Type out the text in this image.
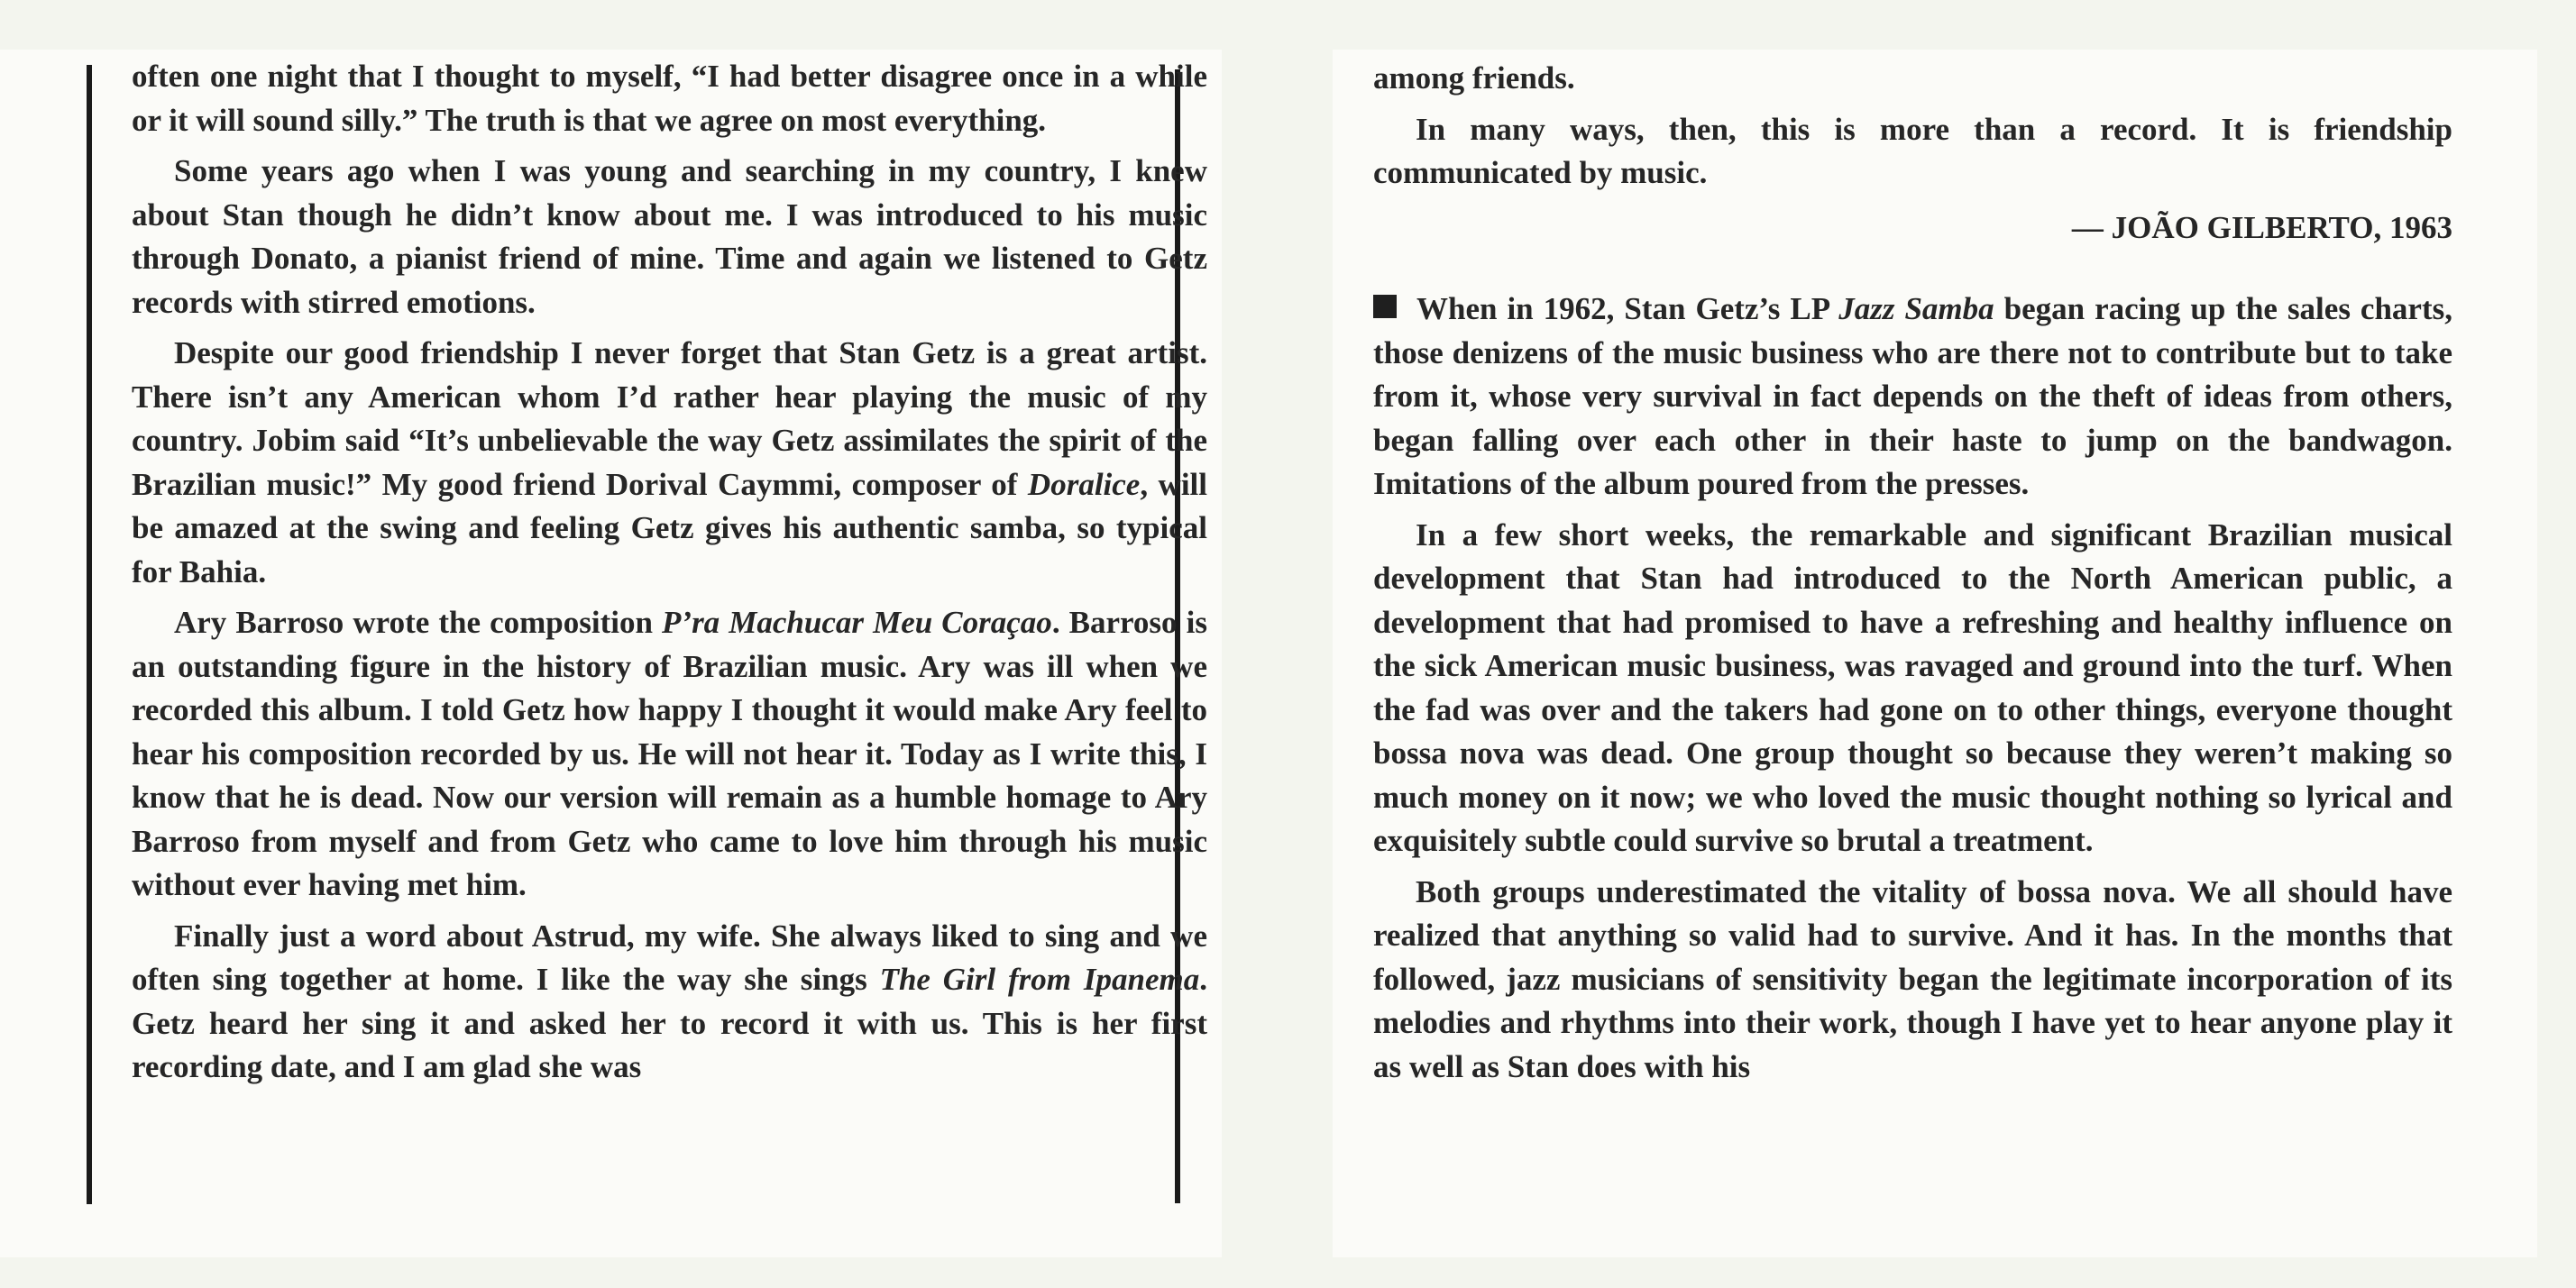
often one night that I thought to myself, “I had better disagree once in a while or it will sound silly.” The truth is that we agree on most everything.

Some years ago when I was young and searching in my country, I knew about Stan though he didn’t know about me. I was introduced to his music through Donato, a pianist friend of mine. Time and again we listened to Getz records with stirred emotions.

Despite our good friendship I never forget that Stan Getz is a great artist. There isn’t any American whom I’d rather hear playing the music of my country. Jobim said “It’s unbelievable the way Getz assimilates the spirit of the Brazilian music!” My good friend Dorival Caymmi, composer of Doralice, will be amazed at the swing and feeling Getz gives his authentic samba, so typical for Bahia.

Ary Barroso wrote the composition P’ra Machucar Meu Coraçao. Barroso is an outstanding figure in the history of Brazilian music. Ary was ill when we recorded this album. I told Getz how happy I thought it would make Ary feel to hear his composition recorded by us. He will not hear it. Today as I write this, I know that he is dead. Now our version will remain as a humble homage to Ary Barroso from myself and from Getz who came to love him through his music without ever having met him.

Finally just a word about Astrud, my wife. She always liked to sing and we often sing together at home. I like the way she sings The Girl from Ipanema. Getz heard her sing it and asked her to record it with us. This is her first recording date, and I am glad she was

among friends.

In many ways, then, this is more than a record. It is friendship communicated by music.

— JOÃO GILBERTO, 1963

When in 1962, Stan Getz’s LP Jazz Samba began racing up the sales charts, those denizens of the music business who are there not to contribute but to take from it, whose very survival in fact depends on the theft of ideas from others, began falling over each other in their haste to jump on the bandwagon. Imitations of the album poured from the presses.

In a few short weeks, the remarkable and significant Brazilian musical development that Stan had introduced to the North American public, a development that had promised to have a refreshing and healthy influence on the sick American music business, was ravaged and ground into the turf. When the fad was over and the takers had gone on to other things, everyone thought bossa nova was dead. One group thought so because they weren’t making so much money on it now; we who loved the music thought nothing so lyrical and exquisitely subtle could survive so brutal a treatment.

Both groups underestimated the vitality of bossa nova. We all should have realized that anything so valid had to survive. And it has. In the months that followed, jazz musicians of sensitivity began the legitimate incorporation of its melodies and rhythms into their work, though I have yet to hear anyone play it as well as Stan does with his
